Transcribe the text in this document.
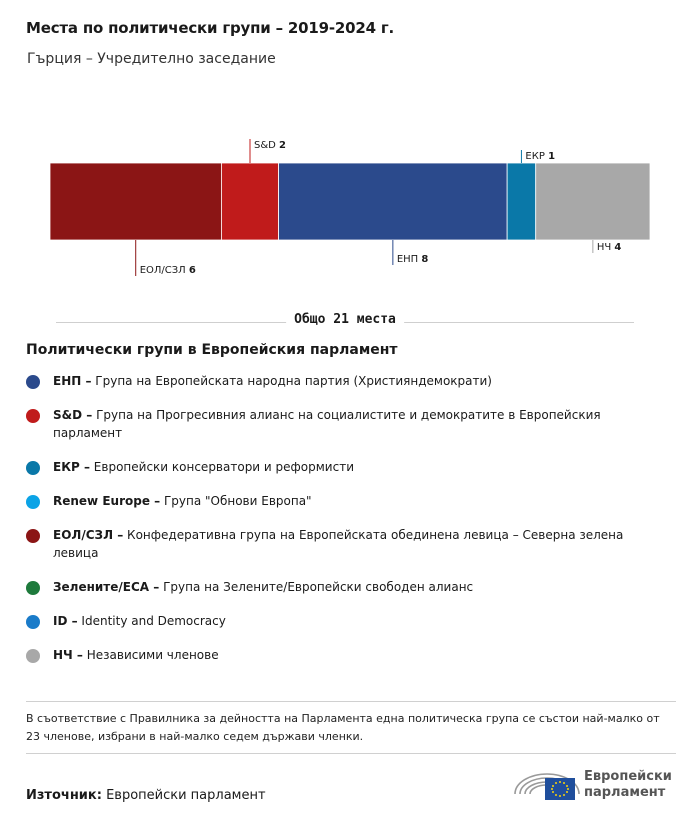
Места по политически групи – 2019-2024 г.
Гърция – Учредително заседание
ЕОЛ/СЗЛ 6
S&D 2
ЕНП 8
ЕКР 1
НЧ 4
Общо 21 места
Политически групи в Европейския парламент
ЕНП – Група на Европейската народна партия (Християндемократи)
S&D – Група на Прогресивния алианс на социалистите и демократите в Европейския парламент
ЕКР – Европейски консерватори и реформисти
Renew Europe – Група "Обнови Европа"
ЕОЛ/СЗЛ – Конфедеративна група на Европейската обединена левица – Северна зелена левица
Зелените/ЕСА – Група на Зелените/Европейски свободен алианс
ID – Identity and Democracy
НЧ – Независими членове
В съответствие с Правилника за дейността на Парламента една политическа група се състои най-малко от 23 членове, избрани в най-малко седем държави членки.
Източник: Европейски парламент
Европейски
парламент
